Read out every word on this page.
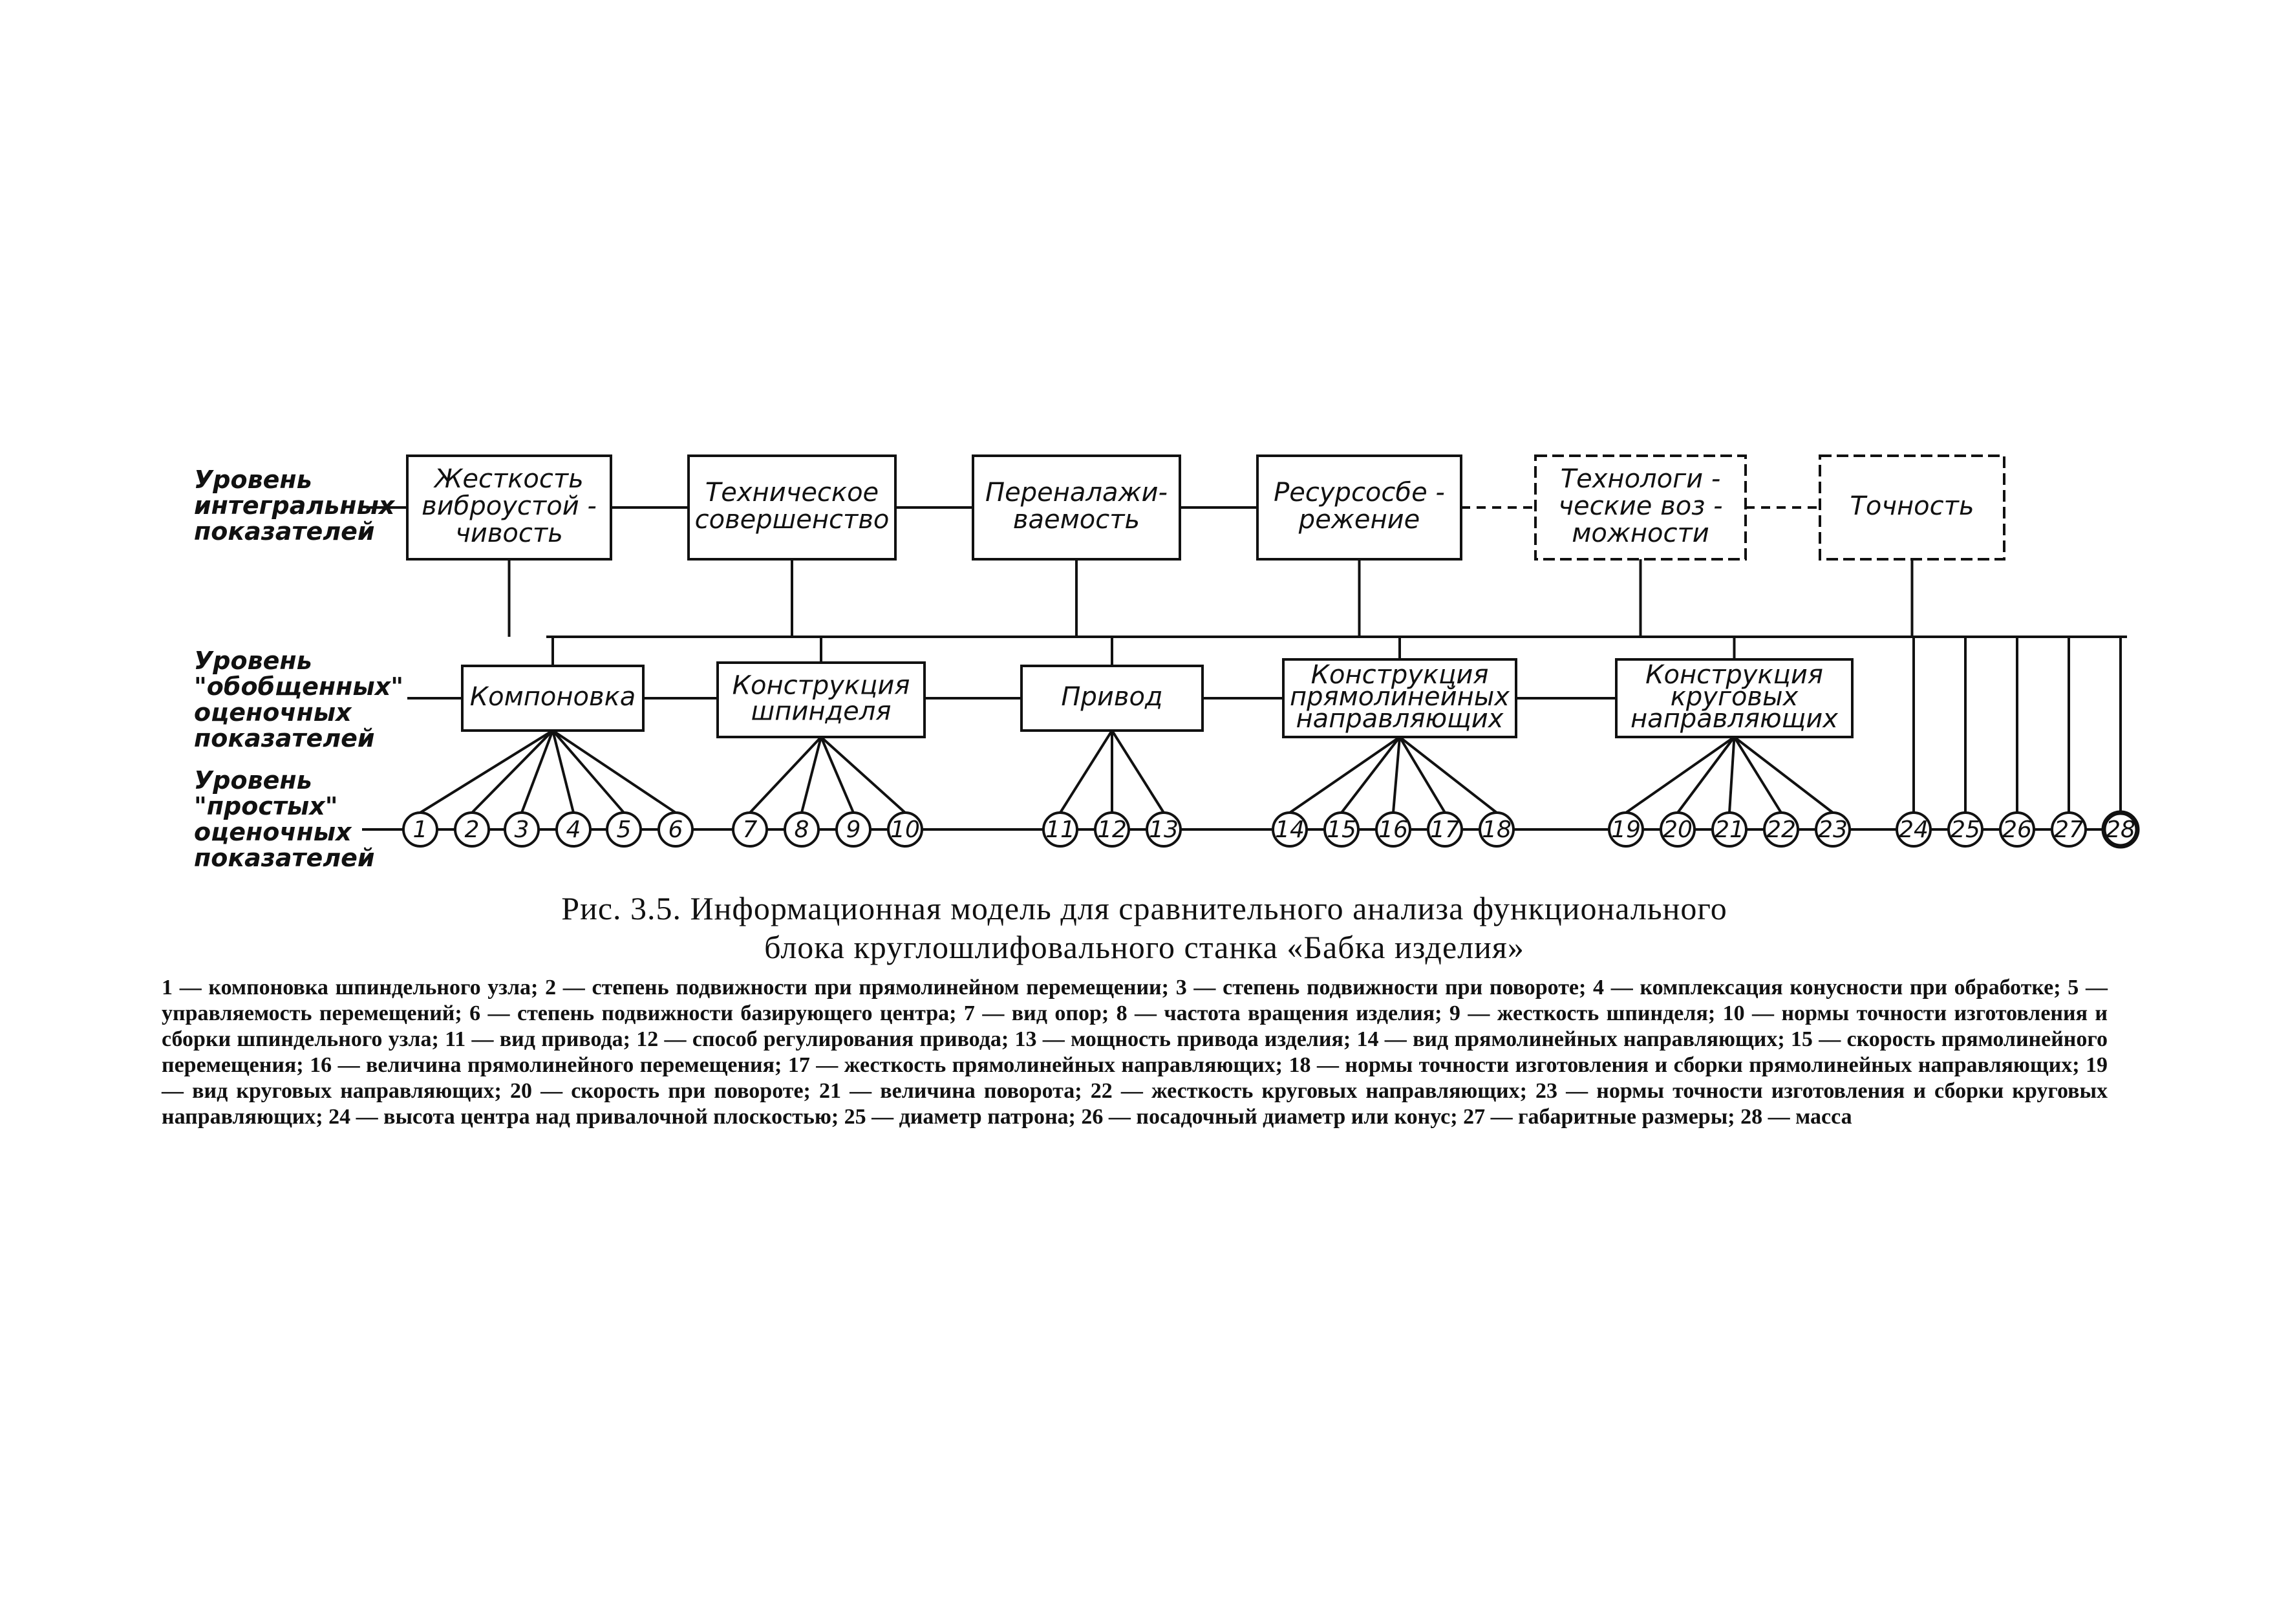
Жесткость
виброустой -
чивость
Техническое
совершенство
Переналажи-
ваемость
Ресурсосбе -
режение
Технологи -
ческие воз -
можности
Точность
Компоновка	Конструкция
шпинделя	Привод
Конструкция
прямолинейных
направляющих
Конструкция
круговых
направляющих
1 2 3 4 5 6	7 8 9 10	11 12 13	14 15 16 17 18	19 20 21 22 23 24 25 26 27 28
Уровень
интегральных
показателей
Уровень
"обобщенных"
оценочных
показателей
Уровень
"простых"
оценочных
показателей
Рис. 3.5. Информационная модель для сравнительного анализа функционального
блока круглошлифовального станка «Бабка изделия»
1 — компоновка шпиндельного узла; 2 — степень подвижности при прямолинейном перемещении; 3 — степень подвижности при повороте; 4 — комплексация конусности при обработке; 5 — управляемость перемещений; 6 — степень подвижности базирующего центра; 7 — вид опор; 8 — частота вращения изделия; 9 — жесткость шпинделя; 10 — нормы точности изготовления и сборки шпиндельного узла; 11 — вид привода; 12 — способ регулирования привода; 13 — мощность привода изделия; 14 — вид прямолинейных направляющих; 15 — скорость прямолинейного перемещения; 16 — величина прямолинейного перемещения; 17 — жесткость прямолинейных направляющих; 18 — нормы точности изготовления и сборки прямолинейных направляющих; 19 — вид круговых направляющих; 20 — скорость при повороте; 21 — величина поворота; 22 — жесткость круговых направляющих; 23 — нормы точности изготовления и сборки круговых направляющих; 24 — высота центра над привалочной плоскостью; 25 — диаметр патрона; 26 — посадочный диаметр или конус; 27 — габаритные размеры; 28 — масса
